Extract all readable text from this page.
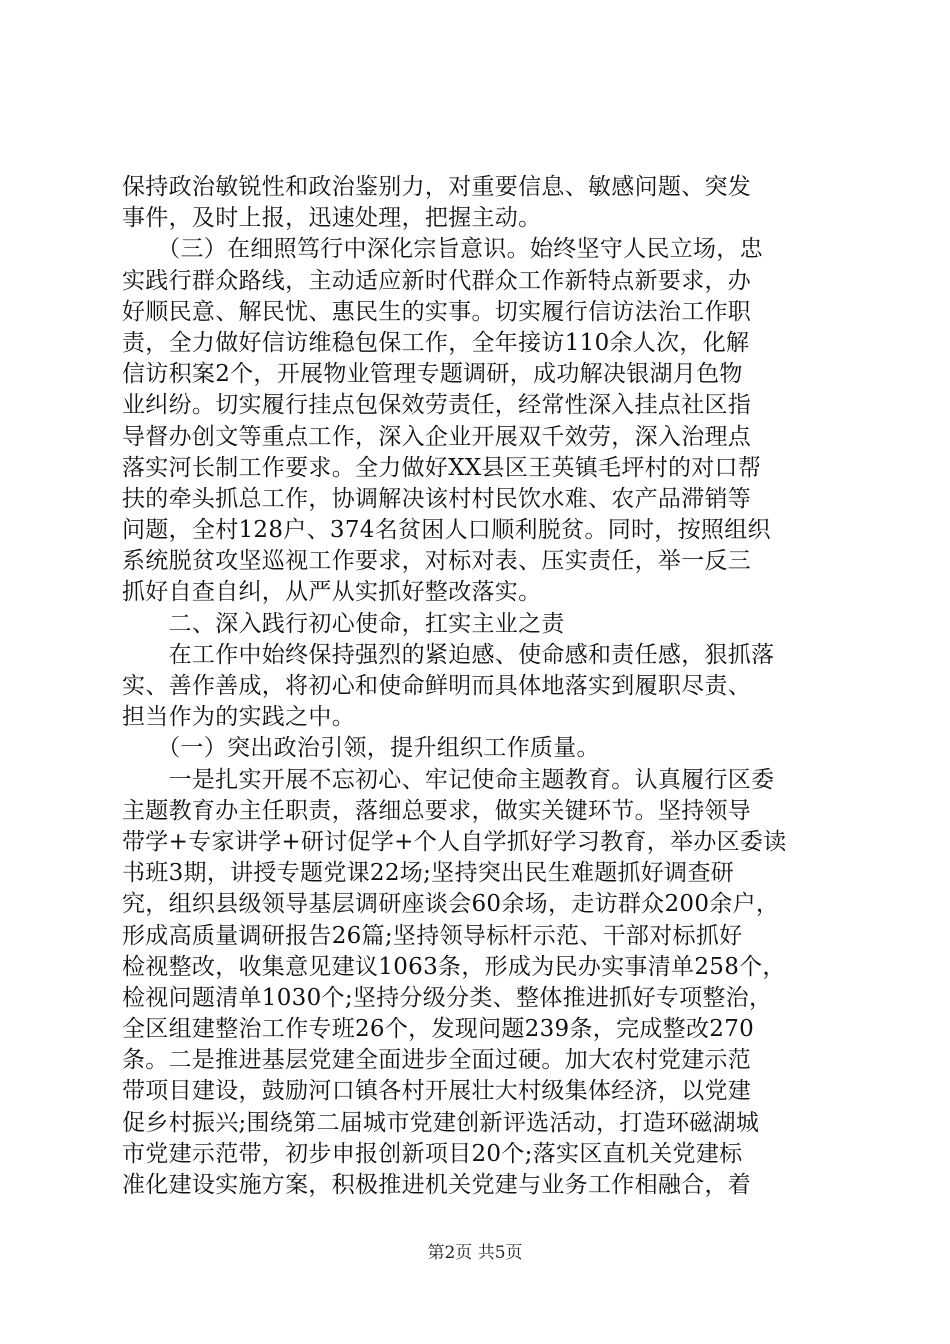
保持政治敏锐性和政治鉴别力，对重要信息、敏感问题、突发
事件，及时上报，迅速处理，把握主动。
　　（三）在细照笃行中深化宗旨意识。始终坚守人民立场，忠
实践行群众路线，主动适应新时代群众工作新特点新要求，办
好顺民意、解民忧、惠民生的实事。切实履行信访法治工作职
责，全力做好信访维稳包保工作，全年接访110余人次，化解
信访积案2个，开展物业管理专题调研，成功解决银湖月色物
业纠纷。切实履行挂点包保效劳责任，经常性深入挂点社区指
导督办创文等重点工作，深入企业开展双千效劳，深入治理点
落实河长制工作要求。全力做好XX县区王英镇毛坪村的对口帮
扶的牵头抓总工作，协调解决该村村民饮水难、农产品滞销等
问题，全村128户、374名贫困人口顺利脱贫。同时，按照组织
系统脱贫攻坚巡视工作要求，对标对表、压实责任，举一反三
抓好自查自纠，从严从实抓好整改落实。
　　二、深入践行初心使命，扛实主业之责
　　在工作中始终保持强烈的紧迫感、使命感和责任感，狠抓落
实、善作善成，将初心和使命鲜明而具体地落实到履职尽责、
担当作为的实践之中。
　　（一）突出政治引领，提升组织工作质量。
　　一是扎实开展不忘初心、牢记使命主题教育。认真履行区委
主题教育办主任职责，落细总要求，做实关键环节。坚持领导
带学+专家讲学+研讨促学+个人自学抓好学习教育，举办区委读
书班3期，讲授专题党课22场;坚持突出民生难题抓好调查研
究，组织县级领导基层调研座谈会60余场，走访群众200余户，
形成高质量调研报告26篇;坚持领导标杆示范、干部对标抓好
检视整改，收集意见建议1063条，形成为民办实事清单258个，
检视问题清单1030个;坚持分级分类、整体推进抓好专项整治，
全区组建整治工作专班26个，发现问题239条，完成整改270
条。二是推进基层党建全面进步全面过硬。加大农村党建示范
带项目建设，鼓励河口镇各村开展壮大村级集体经济，以党建
促乡村振兴;围绕第二届城市党建创新评选活动，打造环磁湖城
市党建示范带，初步申报创新项目20个;落实区直机关党建标
准化建设实施方案，积极推进机关党建与业务工作相融合，着
第2页 共5页
